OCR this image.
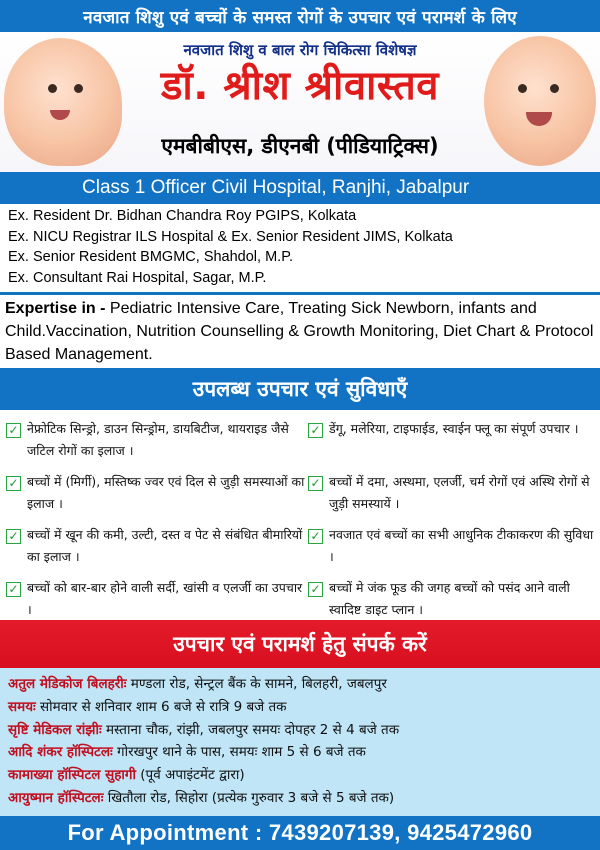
नवजात शिशु एवं बच्चों के समस्त रोगों के उपचार एवं परामर्श के लिए
नवजात शिशु व बाल रोग चिकित्सा विशेषज्ञ
डॉ. श्रीश श्रीवास्तव
एमबीबीएस, डीएनबी (पीडियाट्रिक्स)
Class 1 Officer Civil Hospital, Ranjhi, Jabalpur
Ex. Resident Dr. Bidhan Chandra Roy PGIPS, Kolkata
Ex. NICU Registrar ILS Hospital & Ex. Senior Resident JIMS, Kolkata
Ex. Senior Resident BMGMC, Shahdol, M.P.
Ex. Consultant Rai Hospital, Sagar, M.P.
Expertise in - Pediatric Intensive Care, Treating Sick Newborn, infants and Child.Vaccination, Nutrition Counselling & Growth Monitoring, Diet Chart & Protocol Based Management.
उपलब्ध उपचार एवं सुविधाएँ
✓ नेफ्रोटिक सिन्ड्रो, डाउन सिन्ड्रोम, डायबिटीज, थायराइड जैसे जटिल रोगों का इलाज ।
✓ डेंगू, मलेरिया, टाइफाईड, स्वाईन फ्लू का संपूर्ण उपचार ।
✓ बच्चों में (मिर्गी), मस्तिष्क ज्वर एवं दिल से जुड़ी समस्याओं का इलाज ।
✓ बच्चों में दमा, अस्थमा, एलर्जी, चर्म रोगों एवं अस्थि रोगों से जुड़ी समस्यायें ।
✓ बच्चों में खून की कमी, उल्टी, दस्त व पेट से संबंधित बीमारियों का इलाज ।
✓ नवजात एवं बच्चों का सभी आधुनिक टीकाकरण की सुविधा ।
✓ बच्चों को बार-बार होने वाली सर्दी, खांसी व एलर्जी का उपचार ।
✓ बच्चों मे जंक फूड की जगह बच्चों को पसंद आने वाली स्वादिष्ट डाइट प्लान ।
उपचार एवं परामर्श हेतु संपर्क करें
अतुल मेडिकोज बिलहरीः मण्डला रोड, सेन्ट्रल बैंक के सामने, बिलहरी, जबलपुर
समयः सोमवार से शनिवार शाम 6 बजे से रात्रि 9 बजे तक
सृष्टि मेडिकल रांझीः मस्ताना चौक, रांझी, जबलपुर समयः दोपहर 2 से 4 बजे तक
आदि शंकर हॉस्पिटलः गोरखपुर थाने के पास, समयः शाम 5 से 6 बजे तक
कामाख्या हॉस्पिटल सुहागी (पूर्व अपाइंटमेंट द्वारा)
आयुष्मान हॉस्पिटलः खितौला रोड, सिहोरा (प्रत्येक गुरुवार 3 बजे से 5 बजे तक)
For Appointment : 7439207139, 9425472960
